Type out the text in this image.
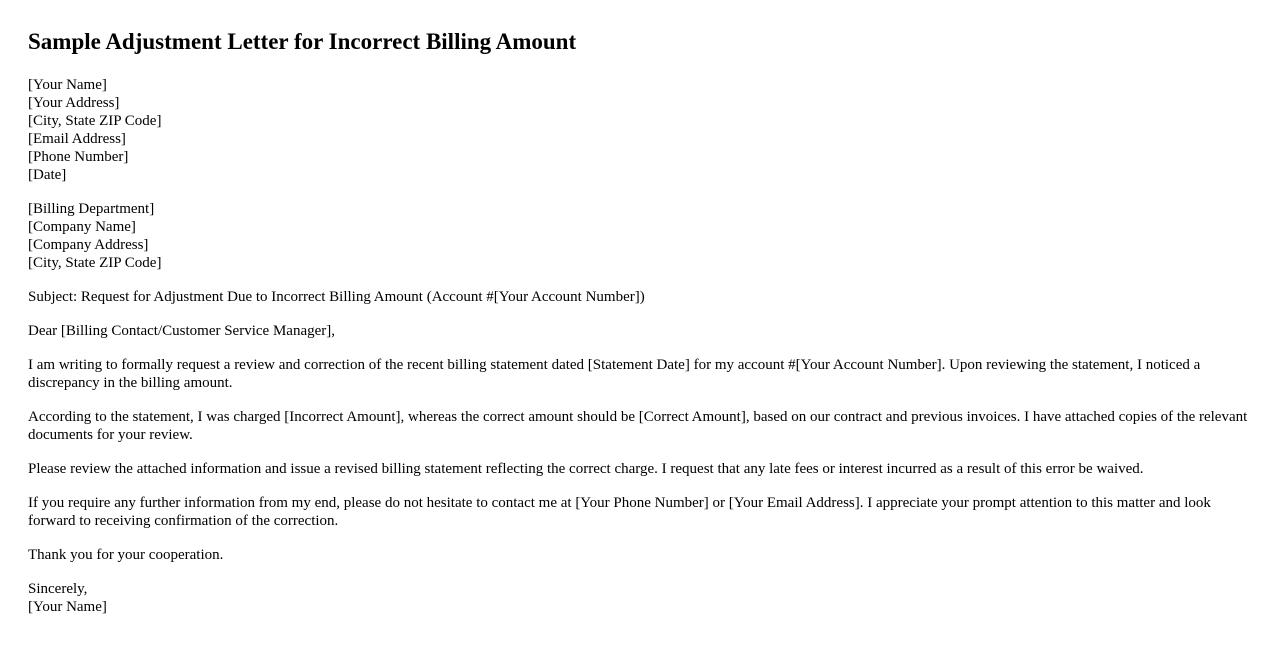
Sample Adjustment Letter for Incorrect Billing Amount
[Your Name]
[Your Address]
[City, State ZIP Code]
[Email Address]
[Phone Number]
[Date]
[Billing Department]
[Company Name]
[Company Address]
[City, State ZIP Code]
Subject: Request for Adjustment Due to Incorrect Billing Amount (Account #[Your Account Number])
Dear [Billing Contact/Customer Service Manager],

I am writing to formally request a review and correction of the recent billing statement dated [Statement Date] for my account #[Your Account Number]. Upon reviewing the statement, I noticed a discrepancy in the billing amount.

According to the statement, I was charged [Incorrect Amount], whereas the correct amount should be [Correct Amount], based on our contract and previous invoices. I have attached copies of the relevant documents for your review.

Please review the attached information and issue a revised billing statement reflecting the correct charge. I request that any late fees or interest incurred as a result of this error be waived.

If you require any further information from my end, please do not hesitate to contact me at [Your Phone Number] or [Your Email Address]. I appreciate your prompt attention to this matter and look forward to receiving confirmation of the correction.

Thank you for your cooperation.

Sincerely,
[Your Name]
